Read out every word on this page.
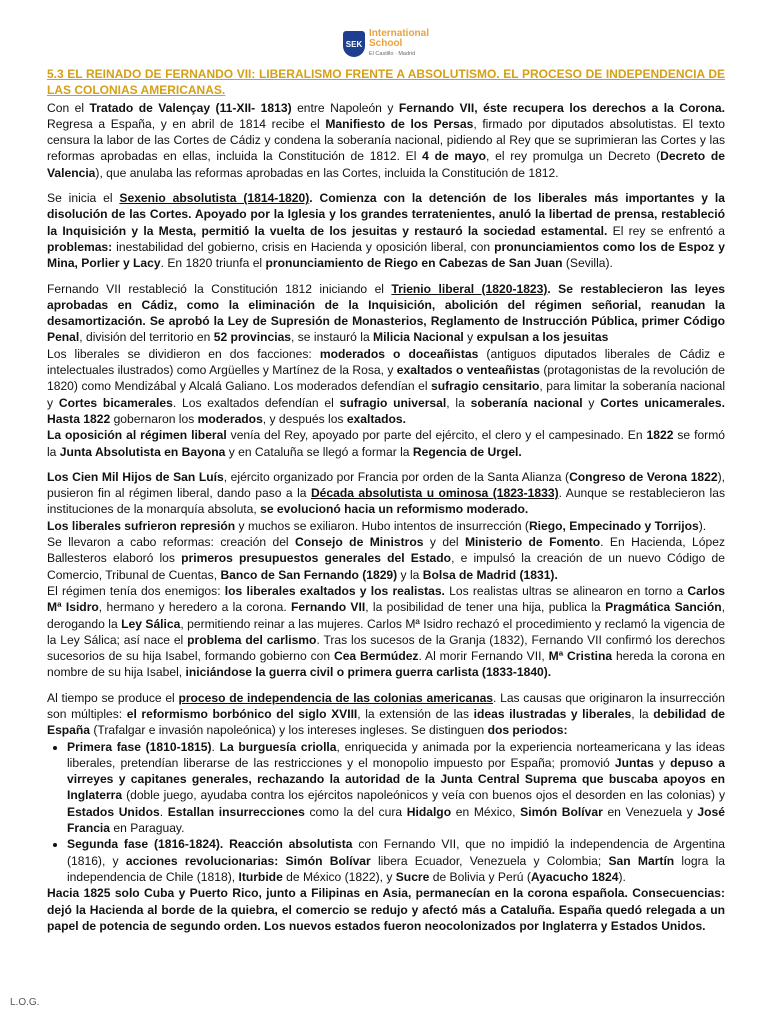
SEK
International
School
El Castillo · Madrid
5.3 EL REINADO DE FERNANDO VII: LIBERALISMO FRENTE A ABSOLUTISMO. EL PROCESO DE INDEPENDENCIA DE LAS COLONIAS AMERICANAS.

Con el Tratado de Valençay (11-XII- 1813) entre Napoleón y Fernando VII, éste recupera los derechos a la Corona. Regresa a España, y en abril de 1814 recibe el Manifiesto de los Persas, firmado por diputados absolutistas. El texto censura la labor de las Cortes de Cádiz y condena la soberanía nacional, pidiendo al Rey que se suprimieran las Cortes y las reformas aprobadas en ellas, incluida la Constitución de 1812. El 4 de mayo, el rey promulga un Decreto (Decreto de Valencia), que anulaba las reformas aprobadas en las Cortes, incluida la Constitución de 1812.

Se inicia el Sexenio absolutista (1814-1820). Comienza con la detención de los liberales más importantes y la disolución de las Cortes. Apoyado por la Iglesia y los grandes terratenientes, anuló la libertad de prensa, restableció la Inquisición y la Mesta, permitió la vuelta de los jesuitas y restauró la sociedad estamental. El rey se enfrentó a problemas: inestabilidad del gobierno, crisis en Hacienda y oposición liberal, con pronunciamientos como los de Espoz y Mina, Porlier y Lacy. En 1820 triunfa el pronunciamiento de Riego en Cabezas de San Juan (Sevilla).

Fernando VII restableció la Constitución 1812 iniciando el Trienio liberal (1820-1823). Se restablecieron las leyes aprobadas en Cádiz, como la eliminación de la Inquisición, abolición del régimen señorial, reanudan la desamortización. Se aprobó la Ley de Supresión de Monasterios, Reglamento de Instrucción Pública, primer Código Penal, división del territorio en 52 provincias, se instauró la Milicia Nacional y expulsan a los jesuitas

Los liberales se dividieron en dos facciones: moderados o doceañistas (antiguos diputados liberales de Cádiz e intelectuales ilustrados) como Argüelles y Martínez de la Rosa, y exaltados o venteañistas (protagonistas de la revolución de 1820) como Mendizábal y Alcalá Galiano. Los moderados defendían el sufragio censitario, para limitar la soberanía nacional y Cortes bicamerales. Los exaltados defendían el sufragio universal, la soberanía nacional y Cortes unicamerales. Hasta 1822 gobernaron los moderados, y después los exaltados.

La oposición al régimen liberal venía del Rey, apoyado por parte del ejército, el clero y el campesinado. En 1822 se formó la Junta Absolutista en Bayona y en Cataluña se llegó a formar la Regencia de Urgel.

Los Cien Mil Hijos de San Luís, ejército organizado por Francia por orden de la Santa Alianza (Congreso de Verona 1822), pusieron fin al régimen liberal, dando paso a la Década absolutista u ominosa (1823-1833). Aunque se restablecieron las instituciones de la monarquía absoluta, se evolucionó hacia un reformismo moderado.

Los liberales sufrieron represión y muchos se exiliaron. Hubo intentos de insurrección (Riego, Empecinado y Torrijos).

Se llevaron a cabo reformas: creación del Consejo de Ministros y del Ministerio de Fomento. En Hacienda, López Ballesteros elaboró los primeros presupuestos generales del Estado, e impulsó la creación de un nuevo Código de Comercio, Tribunal de Cuentas, Banco de San Fernando (1829) y la Bolsa de Madrid (1831).

El régimen tenía dos enemigos: los liberales exaltados y los realistas. Los realistas ultras se alinearon en torno a Carlos Mª Isidro, hermano y heredero a la corona. Fernando VII, la posibilidad de tener una hija, publica la Pragmática Sanción, derogando la Ley Sálica, permitiendo reinar a las mujeres. Carlos Mª Isidro rechazó el procedimiento y reclamó la vigencia de la Ley Sálica; así nace el problema del carlismo. Tras los sucesos de la Granja (1832), Fernando VII confirmó los derechos sucesorios de su hija Isabel, formando gobierno con Cea Bermúdez. Al morir Fernando VII, Mª Cristina hereda la corona en nombre de su hija Isabel, iniciándose la guerra civil o primera guerra carlista (1833-1840).

Al tiempo se produce el proceso de independencia de las colonias americanas. Las causas que originaron la insurrección son múltiples: el reformismo borbónico del siglo XVIII, la extensión de las ideas ilustradas y liberales, la debilidad de España (Trafalgar e invasión napoleónica) y los intereses ingleses. Se distinguen dos periodos:

• Primera fase (1810-1815). La burguesía criolla, enriquecida y animada por la experiencia norteamericana y las ideas liberales, pretendían liberarse de las restricciones y el monopolio impuesto por España; promovió Juntas y depuso a virreyes y capitanes generales, rechazando la autoridad de la Junta Central Suprema que buscaba apoyos en Inglaterra (doble juego, ayudaba contra los ejércitos napoleónicos y veía con buenos ojos el desorden en las colonias) y Estados Unidos. Estallan insurrecciones como la del cura Hidalgo en México, Simón Bolívar en Venezuela y José Francia en Paraguay.
• Segunda fase (1816-1824). Reacción absolutista con Fernando VII, que no impidió la independencia de Argentina (1816), y acciones revolucionarias: Simón Bolívar libera Ecuador, Venezuela y Colombia; San Martín logra la independencia de Chile (1818), Iturbide de México (1822), y Sucre de Bolivia y Perú (Ayacucho 1824).

Hacia 1825 solo Cuba y Puerto Rico, junto a Filipinas en Asia, permanecían en la corona española. Consecuencias: dejó la Hacienda al borde de la quiebra, el comercio se redujo y afectó más a Cataluña. España quedó relegada a un papel de potencia de segundo orden. Los nuevos estados fueron neocolonizados por Inglaterra y Estados Unidos.

L.O.G.
